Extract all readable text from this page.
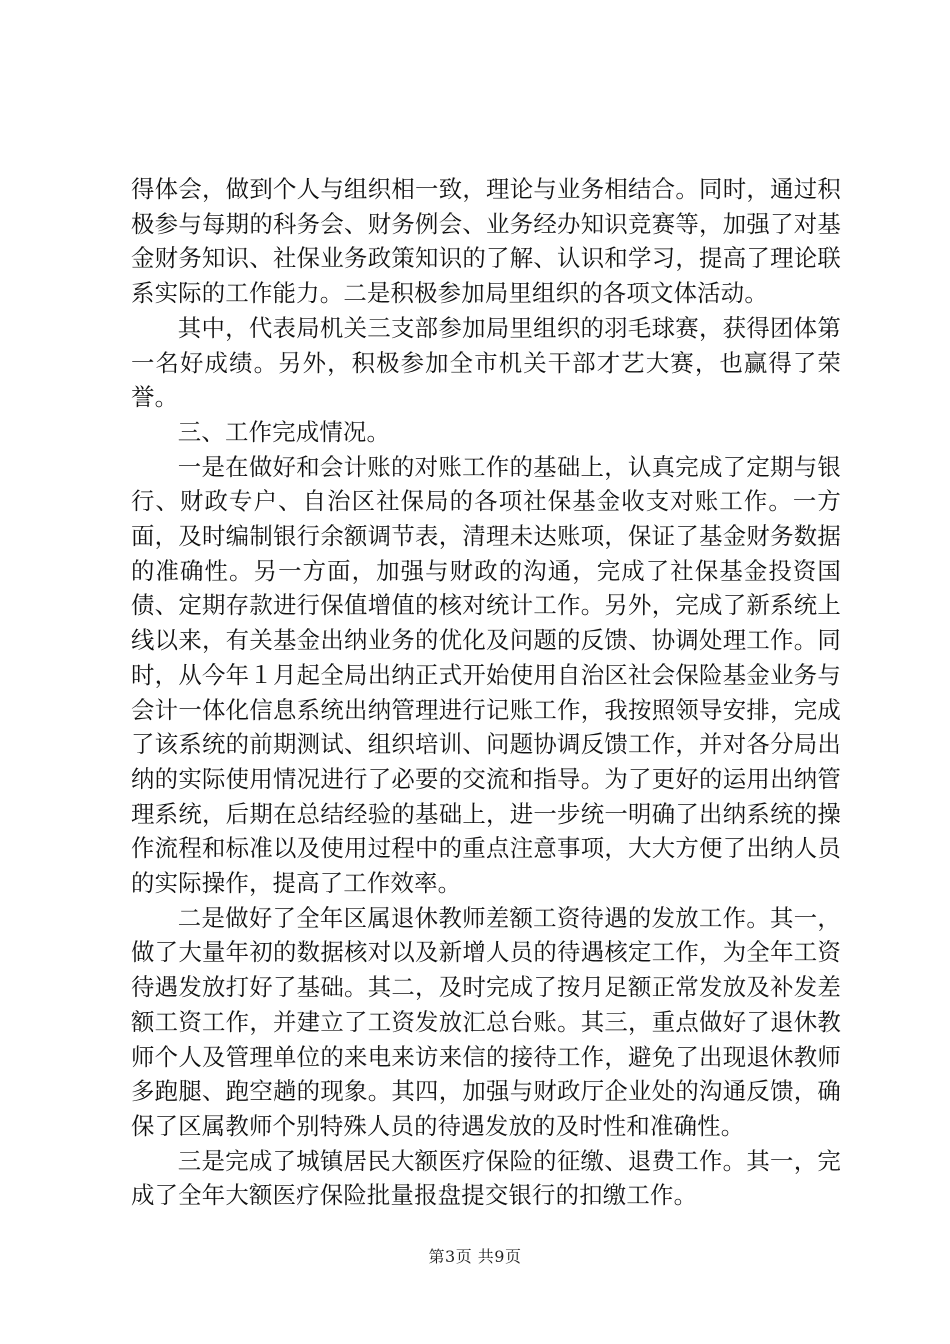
得体会，做到个人与组织相一致，理论与业务相结合。同时，通过积极参与每期的科务会、财务例会、业务经办知识竞赛等，加强了对基金财务知识、社保业务政策知识的了解、认识和学习，提高了理论联系实际的工作能力。二是积极参加局里组织的各项文体活动。

其中，代表局机关三支部参加局里组织的羽毛球赛，获得团体第一名好成绩。另外，积极参加全市机关干部才艺大赛，也赢得了荣誉。

三、工作完成情况。

一是在做好和会计账的对账工作的基础上，认真完成了定期与银行、财政专户、自治区社保局的各项社保基金收支对账工作。一方面，及时编制银行余额调节表，清理未达账项，保证了基金财务数据的准确性。另一方面，加强与财政的沟通，完成了社保基金投资国债、定期存款进行保值增值的核对统计工作。另外，完成了新系统上线以来，有关基金出纳业务的优化及问题的反馈、协调处理工作。同时，从今年１月起全局出纳正式开始使用自治区社会保险基金业务与会计一体化信息系统出纳管理进行记账工作，我按照领导安排，完成了该系统的前期测试、组织培训、问题协调反馈工作，并对各分局出纳的实际使用情况进行了必要的交流和指导。为了更好的运用出纳管理系统，后期在总结经验的基础上，进一步统一明确了出纳系统的操作流程和标准以及使用过程中的重点注意事项，大大方便了出纳人员的实际操作，提高了工作效率。

二是做好了全年区属退休教师差额工资待遇的发放工作。其一，做了大量年初的数据核对以及新增人员的待遇核定工作，为全年工资待遇发放打好了基础。其二，及时完成了按月足额正常发放及补发差额工资工作，并建立了工资发放汇总台账。其三，重点做好了退休教师个人及管理单位的来电来访来信的接待工作，避免了出现退休教师多跑腿、跑空趟的现象。其四，加强与财政厅企业处的沟通反馈，确保了区属教师个别特殊人员的待遇发放的及时性和准确性。

三是完成了城镇居民大额医疗保险的征缴、退费工作。其一，完成了全年大额医疗保险批量报盘提交银行的扣缴工作。

第3页 共9页
